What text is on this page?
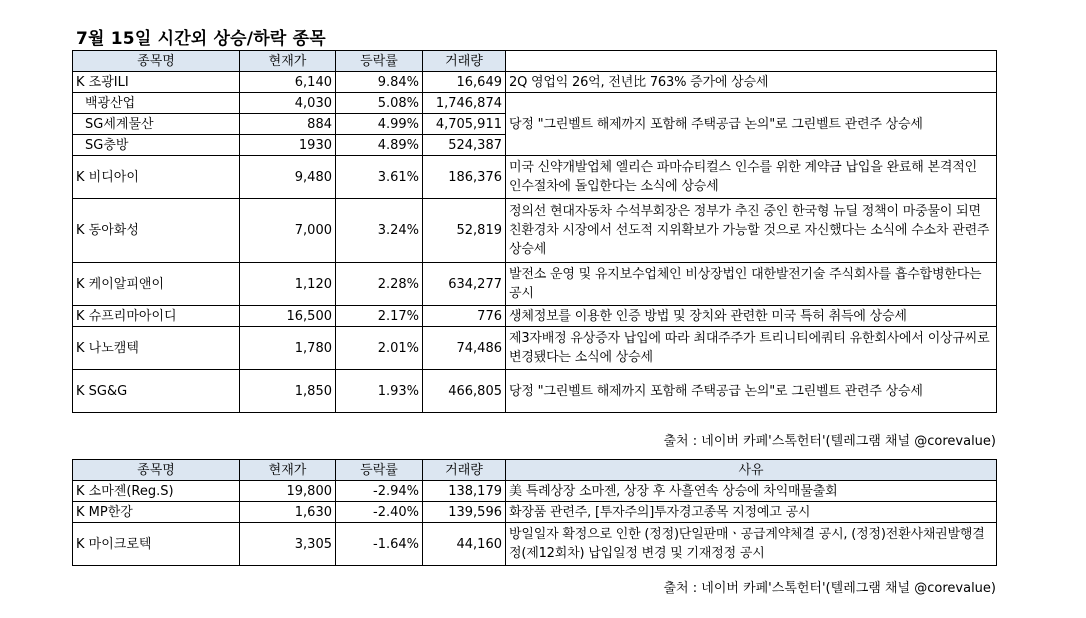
7월 15일 시간외 상승/하락 종목
종목명	현재가	등락률	거래량	
K 조광ILI	6,140	9.84%	16,649	2Q 영업익 26억, 전년比 763% 증가에 상승세
백광산업	4,030	5.08%	1,746,874	당정 "그린벨트 해제까지 포함해 주택공급 논의"로 그린벨트 관련주 상승세
SG세계물산	884	4.99%	4,705,911	
SG충방	1930	4.89%	524,387	
K 비디아이	9,480	3.61%	186,376	미국 신약개발업체 엘리슨 파마슈티컬스 인수를 위한 계약금 납입을 완료해 본격적인 인수절차에 돌입한다는 소식에 상승세
K 동아화성	7,000	3.24%	52,819	정의선 현대자동차 수석부회장은 정부가 추진 중인 한국형 뉴딜 정책이 마중물이 되면 친환경차 시장에서 선도적 지위확보가 가능할 것으로 자신했다는 소식에 수소차 관련주 상승세
K 케이알피앤이	1,120	2.28%	634,277	발전소 운영 및 유지보수업체인 비상장법인 대한발전기술 주식회사를 흡수합병한다는 공시
K 슈프리마아이디	16,500	2.17%	776	생체정보를 이용한 인증 방법 및 장치와 관련한 미국 특허 취득에 상승세
K 나노캠텍	1,780	2.01%	74,486	제3자배정 유상증자 납입에 따라 최대주주가 트리니티에쿼티 유한회사에서 이상규씨로 변경됐다는 소식에 상승세
K SG&G	1,850	1.93%	466,805	당정 "그린벨트 해제까지 포함해 주택공급 논의"로 그린벨트 관련주 상승세
출처 : 네이버 카페'스톡헌터'(텔레그램 채널 @corevalue)
종목명	현재가	등락률	거래량	사유
K 소마젠(Reg.S)	19,800	-2.94%	138,179	美 특례상장 소마젠, 상장 후 사흘연속 상승에 차익매물출회
K MP한강	1,630	-2.40%	139,596	화장품 관련주, [투자주의]투자경고종목 지정예고 공시
K 마이크로텍	3,305	-1.64%	44,160	방일일자 확정으로 인한 (정정)단일판매ㆍ공급계약체결 공시, (정정)전환사채권발행결정(제12회차) 납입일정 변경 및 기재정정 공시
출처 : 네이버 카페'스톡헌터'(텔레그램 채널 @corevalue)
